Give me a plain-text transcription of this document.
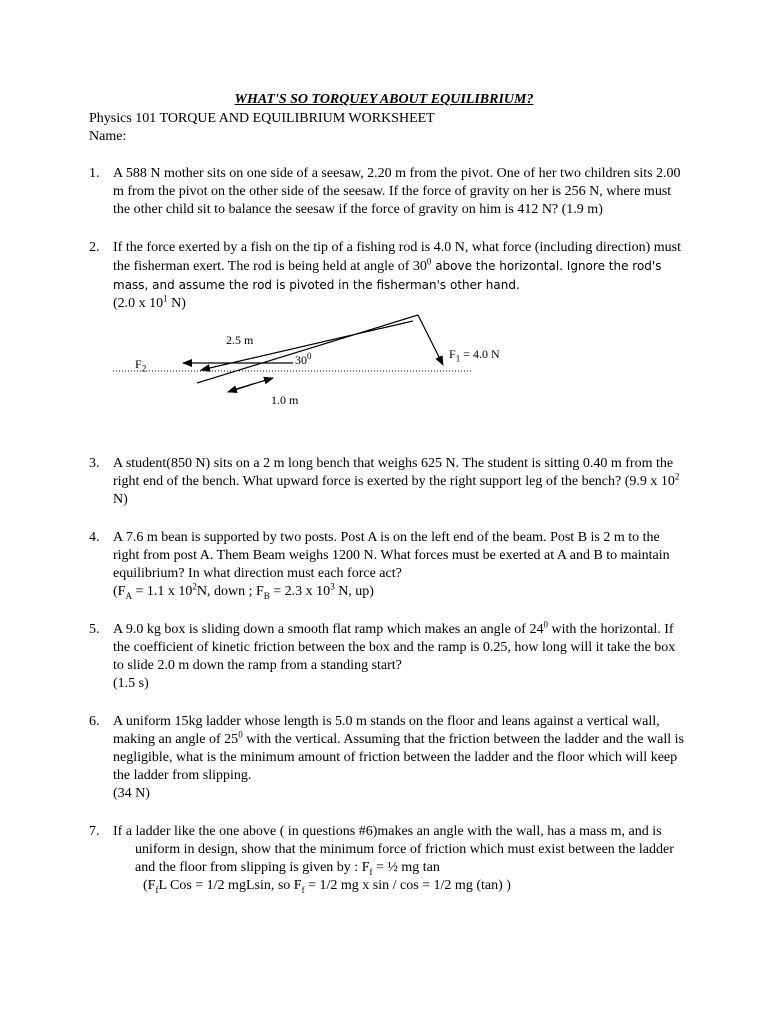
WHAT'S SO TORQUEY ABOUT EQUILIBRIUM?
Physics 101 TORQUE AND EQUILIBRIUM WORKSHEET
Name:
1. A 588 N mother sits on one side of a seesaw, 2.20 m from the pivot. One of her two children sits 2.00 m from the pivot on the other side of the seesaw. If the force of gravity on her is 256 N, where must the other child sit to balance the seesaw if the force of gravity on him is 412 N? (1.9 m)

2. If the force exerted by a fish on the tip of a fishing rod is 4.0 N, what force (including direction) must the fisherman exert. The rod is being held at angle of $30^0$ above the horizontal. Ignore the rod's mass, and assume the rod is pivoted in the fisherman's other hand.

(2.0 x $10^1$ N)

2.5 m
$F_1 = 4.0$ N
$F_2$
$30^0$
1.0 m
3. A student(850 N) sits on a 2 m long bench that weighs 625 N. The student is sitting 0.40 m from the right end of the bench. What upward force is exerted by the right support leg of the bench? (9.9 x $10^2$ N)

4. A 7.6 m bean is supported by two posts. Post A is on the left end of the beam. Post B is 2 m to the right from post A. Them Beam weighs 1200 N. What forces must be exerted at A and B to maintain equilibrium? In what direction must each force act?

($F_A = 1.1$ x $10^2N$, down ; $F_B = 2.3$ x $10^3$ N, up)

5. A 9.0 kg box is sliding down a smooth flat ramp which makes an angle of $24^0$ with the horizontal. If the coefficient of kinetic friction between the box and the ramp is 0.25, how long will it take the box to slide 2.0 m down the ramp from a standing start?

(1.5 s)

6. A uniform 15kg ladder whose length is 5.0 m stands on the floor and leans against a vertical wall, making an angle of $25^0$ with the vertical. Assuming that the friction between the ladder and the wall is negligible, what is the minimum amount of friction between the ladder and the floor which will keep the ladder from slipping.

(34 N)

7. If a ladder like the one above ( in questions #6)makes an angle with the wall, has a mass m, and is

uniform in design, show that the minimum force of friction which must exist between the ladder

and the floor from slipping is given by : $F_f$ = ½ mg tan

($F_fL$ Cos = 1/2 mgLsin, so $F_f = 1/2$ mg x sin / cos = 1/2 mg (tan) )
